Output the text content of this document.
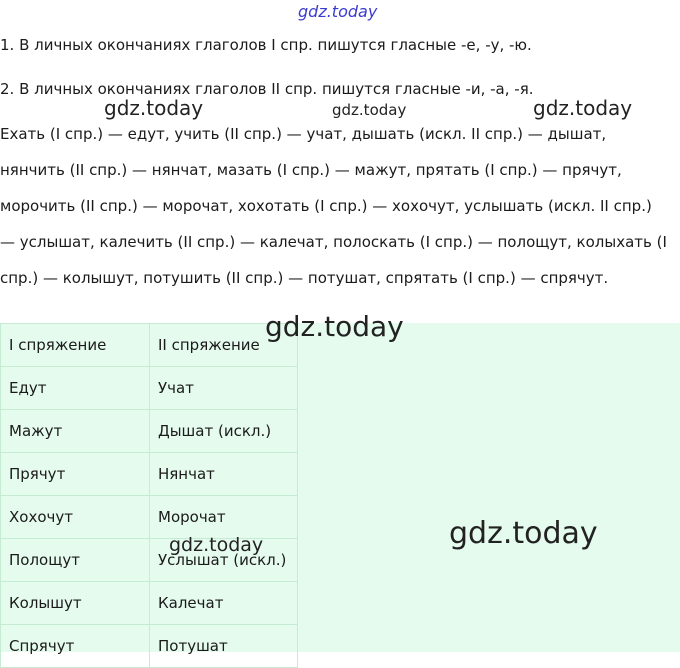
1. В личных окончаниях глаголов I спр. пишутся гласные -е, -у, -ю.

2. В личных окончаниях глаголов II спр. пишутся гласные -и, -а, -я.

Ехать (I спр.) — едут, учить (II спр.) — учат, дышать (искл. II спр.) — дышат, нянчить (II спр.) — нянчат, мазать (I спр.) — мажут, прятать (I спр.) — прячут, морочить (II спр.) — морочат, хохотать (I спр.) — хохочут, услышать (искл. II спр.) — услышат, калечить (II спр.) — калечат, полоскать (I спр.) — полощут, колыхать (I спр.) — колышут, потушить (II спр.) — потушат, спрятать (I спр.) — спрячут.

I спряжение	II спряжение
Едут	Учат
Мажут	Дышат (искл.)
Прячут	Нянчат
Хохочут	Морочат
Полощут	Услышат (искл.)
Колышут	Калечат
Спрячут	Потушат
gdz.today
gdz.today	gdz.today	gdz.today
gdz.today
gdz.today
gdz.today
